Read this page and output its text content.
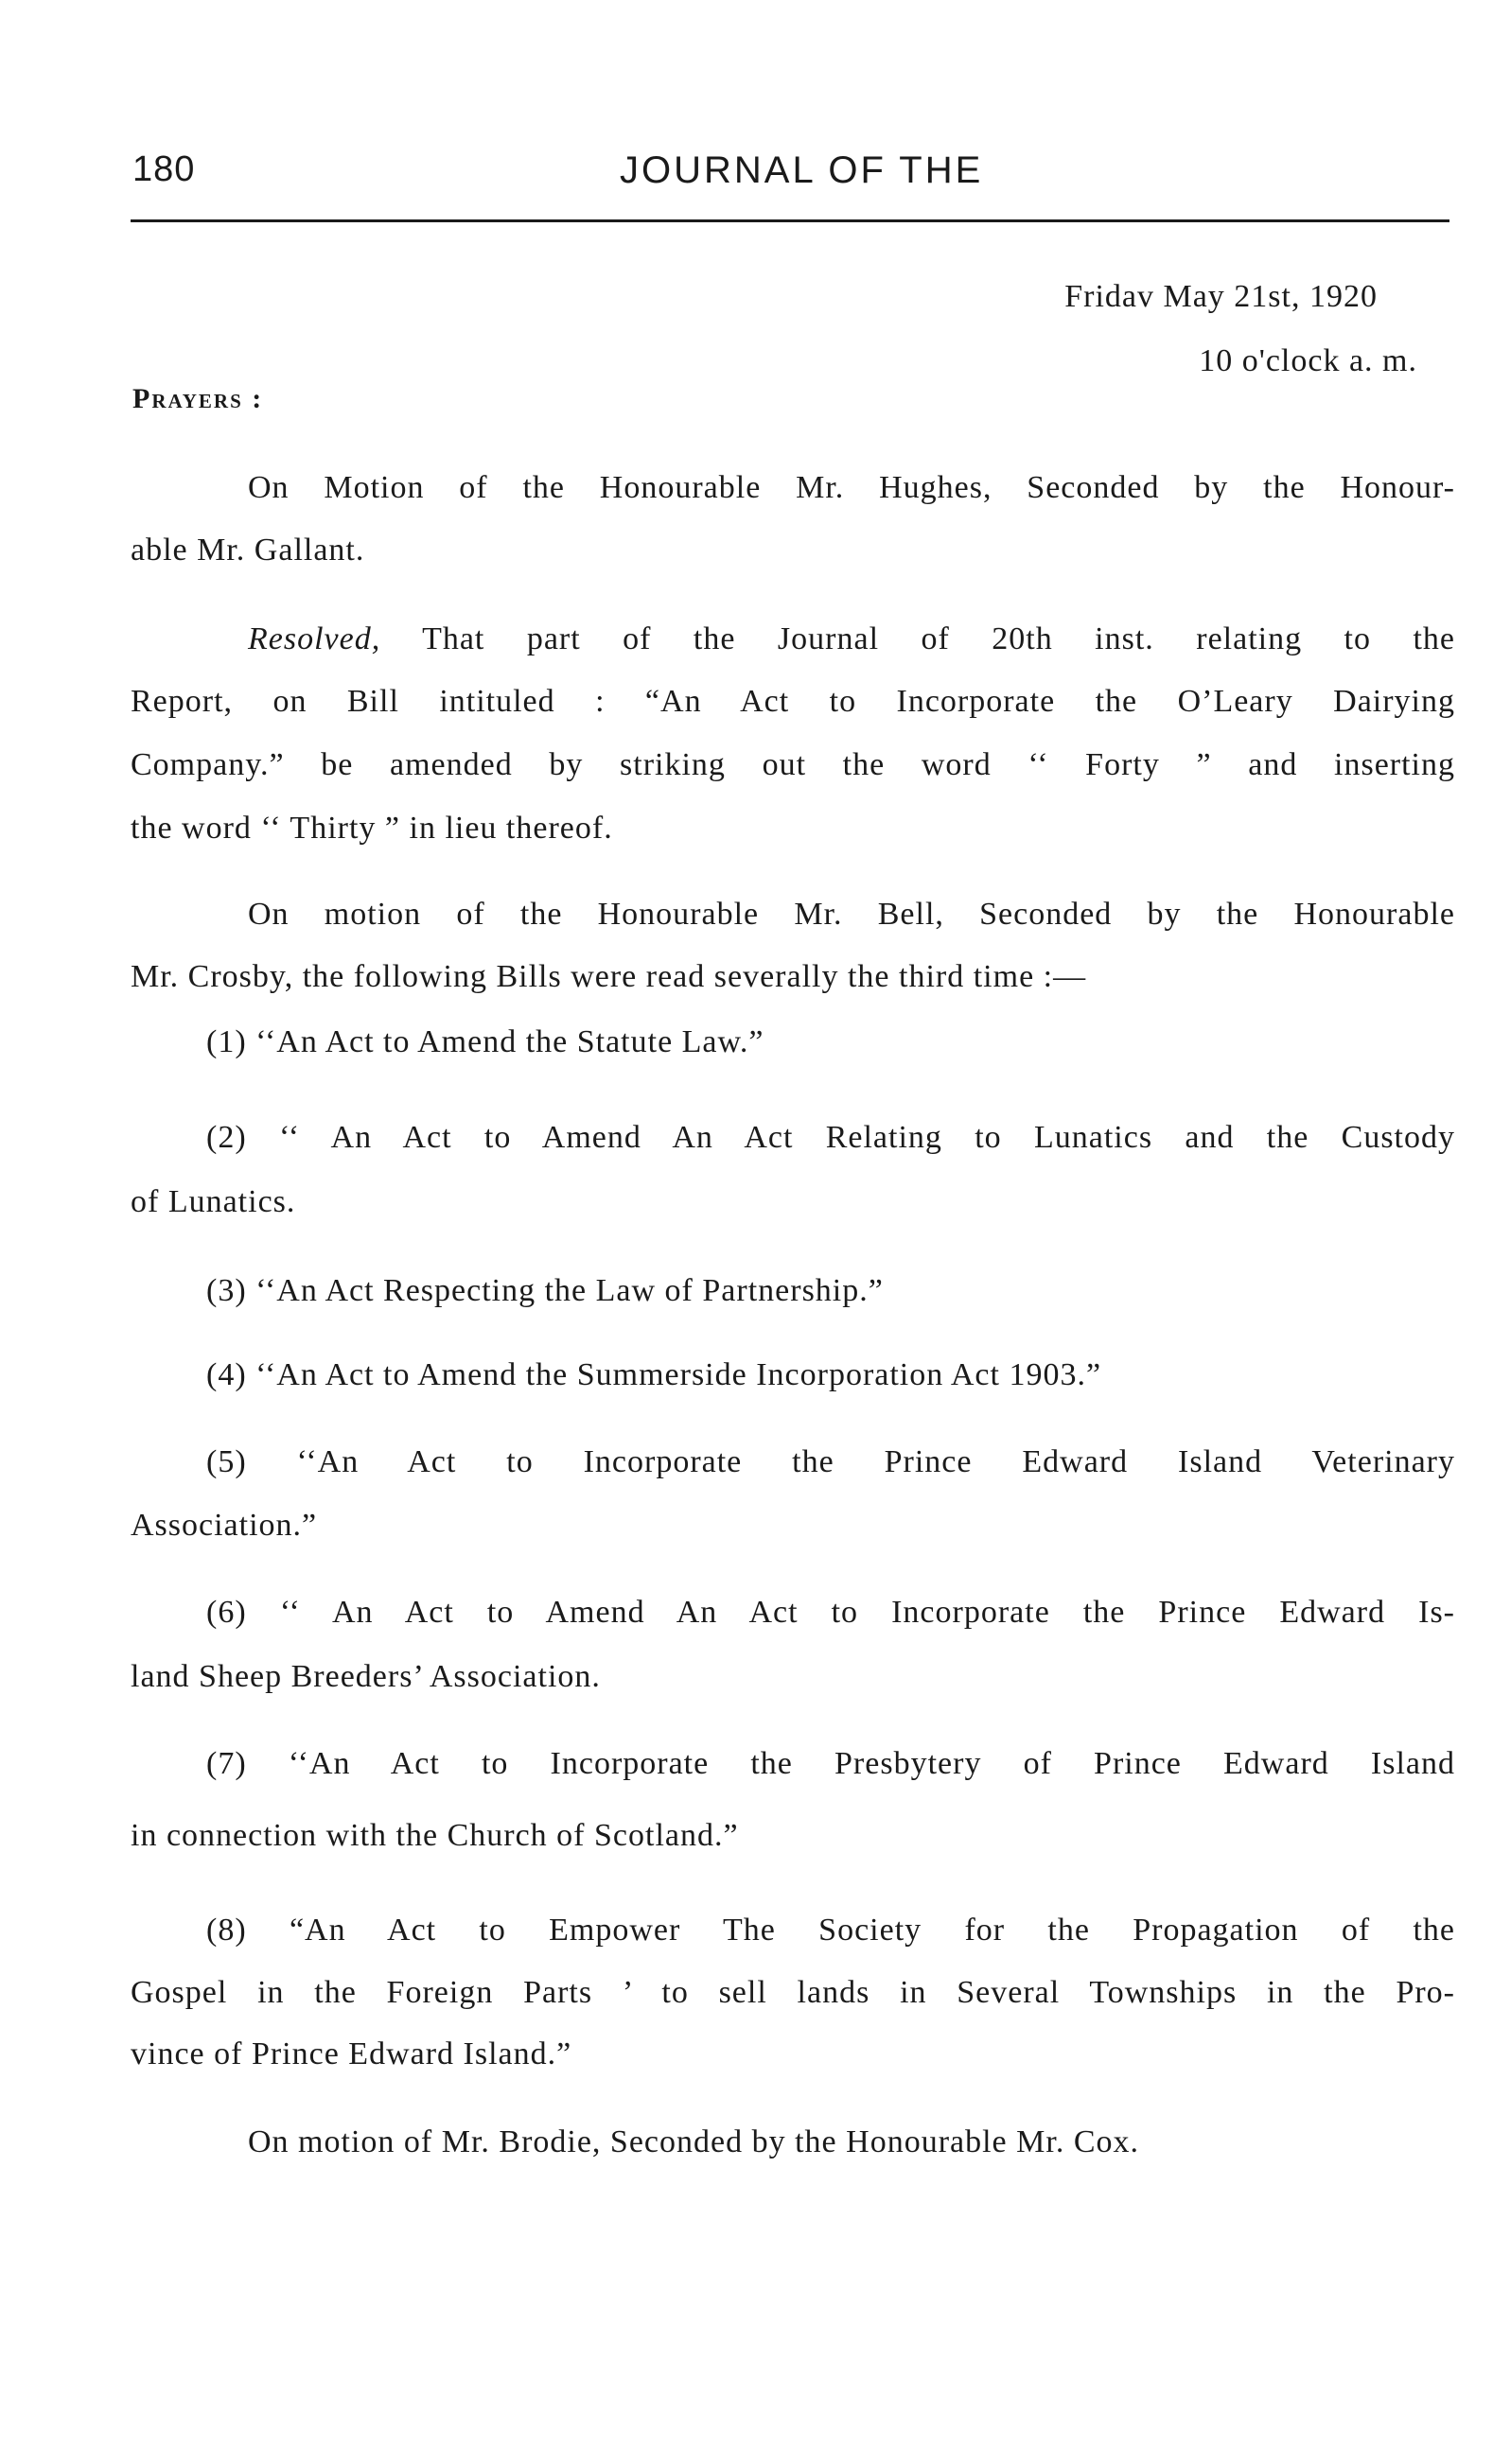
180	JOURNAL OF THE
Fridav May 21st, 1920
10 o'clock a. m.
Prayers :
On Motion of the Honourable Mr. Hughes, Seconded by the Honour-
able Mr. Gallant.
Resolved, That part of the Journal of 20th inst. relating to the
Report, on Bill intituled : “An Act to Incorporate the O’Leary Dairying
Company.” be amended by striking out the word ‘‘ Forty ” and inserting
the word ‘‘ Thirty ” in lieu thereof.
On motion of the Honourable Mr. Bell, Seconded by the Honourable
Mr. Crosby, the following Bills were read severally the third time :—
(1) ‘‘An Act to Amend the Statute Law.”
(2) ‘‘ An Act to Amend An Act Relating to Lunatics and the Custody
of Lunatics.
(3) ‘‘An Act Respecting the Law of Partnership.”
(4) ‘‘An Act to Amend the Summerside Incorporation Act 1903.”
(5) ‘‘An Act to Incorporate the Prince Edward Island Veterinary
Association.”
(6) ‘‘ An Act to Amend An Act to Incorporate the Prince Edward Is-
land Sheep Breeders’ Association.
(7) ‘‘An Act to Incorporate the Presbytery of Prince Edward Island
in connection with the Church of Scotland.”
(8) “An Act to Empower The Society for the Propagation of the
Gospel in the Foreign Parts ’ to sell lands in Several Townships in the Pro-
vince of Prince Edward Island.”
On motion of Mr. Brodie, Seconded by the Honourable Mr. Cox.
